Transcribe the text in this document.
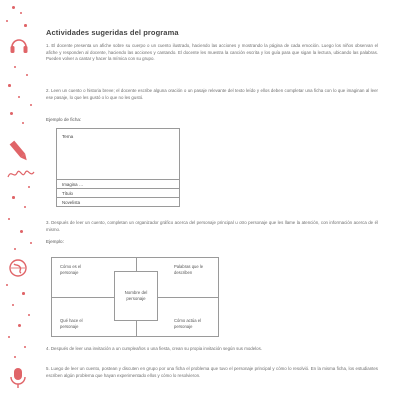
Actividades sugeridas del programa
1. El docente presenta un afiche sobre su cuerpo o un cuento ilustrado, haciendo las acciones y mostrando la página de cada emoción. Luego los niños observan el afiche y responden al docente, haciendo las acciones y cantando. El docente les muestra la canción escrita y los guía para que sigan la lectura, ubicando las palabras. Pueden volver a cantar y hacer la mímica con su grupo.
2. Leen un cuento o historia breve; el docente escribe alguna oración o un pasaje relevante del texto leído y ellos deben completar una ficha con lo que imaginan al leer ese pasaje, lo que les gustó o lo que no les gustó.
Ejemplo de ficha:
Tema
Imagina …
Título
Novelista
3. Después de leer un cuento, completan un organizador gráfico acerca del personaje principal u otro personaje que les llame la atención, con información acerca de él mismo.
Ejemplo:
Cómo es el personaje
Palabras que le describen
Qué hace el personaje
Cómo actúa el personaje
Nombre del personaje
4. Después de leer una invitación a un cumpleaños o una fiesta, crean su propia invitación según sus modelos.
5. Luego de leer un cuento, postean y discuten en grupo por una ficha el problema que tuvo el personaje principal y cómo lo resolvió. En la misma ficha, los estudiantes escriben algún problema que hayan experimentado ellos y cómo lo resolvieron.
